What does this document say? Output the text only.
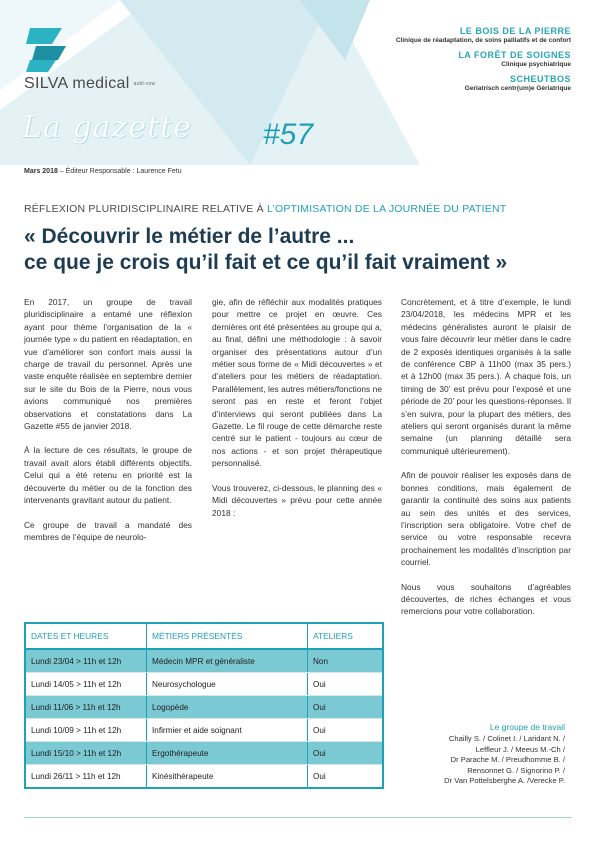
SILVA medical asbl-vzw
LE BOIS DE LA PIERRE
Clinique de réadaptation, de soins palliatifs et de confort
LA FORÊT DE SOIGNES
Clinique psychiatrique
SCHEUTBOS
Geriatrisch centr(um)e Gériatrique
La gazette #57
Mars 2018 – Éditeur Responsable : Laurence Fetu
RÉFLEXION PLURIDISCIPLINAIRE RELATIVE À L’OPTIMISATION DE LA JOURNÉE DU PATIENT
« Découvrir le métier de l’autre ...
ce que je crois qu’il fait et ce qu’il fait vraiment »

En 2017, un groupe de travail pluridisciplinaire a entamé une réflexion ayant pour thème l’organisation de la « journée type » du patient en réadaptation, en vue d’améliorer son confort mais aussi la charge de travail du personnel. Après une vaste enquête réalisée en septembre dernier sur le site du Bois de la Pierre, nous vous avions communiqué nos premières observations et constatations dans La Gazette #55 de janvier 2018.

À la lecture de ces résultats, le groupe de travail avait alors établi différents objectifs. Celui qui a été retenu en priorité est la découverte du métier ou de la fonction des intervenants gravitant autour du patient.

Ce groupe de travail a mandaté des membres de l’équipe de neurolo-

gie, afin de réfléchir aux modalités pratiques pour mettre ce projet en œuvre. Ces dernières ont été présentées au groupe qui a, au final, défini une méthodologie : à savoir organiser des présentations autour d’un métier sous forme de « Midi découvertes » et d’ateliers pour les métiers de réadaptation. Parallèlement, les autres métiers/fonctions ne seront pas en reste et feront l’objet d’interviews qui seront publiées dans La Gazette. Le fil rouge de cette démarche reste centré sur le patient - toujours au cœur de nos actions - et son projet thérapeutique personnalisé.

Vous trouverez, ci-dessous, le planning des « Midi découvertes » prévu pour cette année 2018 :

Concrètement, et à titre d’exemple, le lundi 23/04/2018, les médecins MPR et les médecins généralistes auront le plaisir de vous faire découvrir leur métier dans le cadre de 2 exposés identiques organisés à la salle de conférence CBP à 11h00 (max 35 pers.) et à 12h00 (max 35 pers.). À chaque fois, un timing de 30’ est prévu pour l’exposé et une période de 20’ pour les questions-réponses. Il s’en suivra, pour la plupart des métiers, des ateliers qui seront organisés durant la même semaine (un planning détaillé sera communiqué ultérieurement).

Afin de pouvoir réaliser les exposés dans de bonnes conditions, mais également de garantir la continuité des soins aux patients au sein des unités et des services, l’inscription sera obligatoire. Votre chef de service ou votre responsable recevra prochainement les modalités d’inscription par courriel.

Nous vous souhaitons d’agréables découvertes, de riches échanges et vous remercions pour votre collaboration.

DATES ET HEURES	MÉTIERS PRÉSENTÉS	ATELIERS
Lundi 23/04 > 11h et 12h	Médecin MPR et généraliste	Non
Lundi 14/05 > 11h et 12h	Neurosychologue	Oui
Lundi 11/06 > 11h et 12h	Logopède	Oui
Lundi 10/09 > 11h et 12h	Infirmier et aide soignant	Oui
Lundi 15/10 > 11h et 12h	Ergothérapeute	Oui
Lundi 26/11 > 11h et 12h	Kinésithérapeute	Oui
Le groupe de travail
Chailly S. / Colinet I. / Laridant N. /
Leffleur J. / Meeus M.-Ch /
Dr Parache M. / Preudhomme B. /
Rensonnet G. / Signorino P. /
Dr Van Pottelsberghe A. /Verecke P.
